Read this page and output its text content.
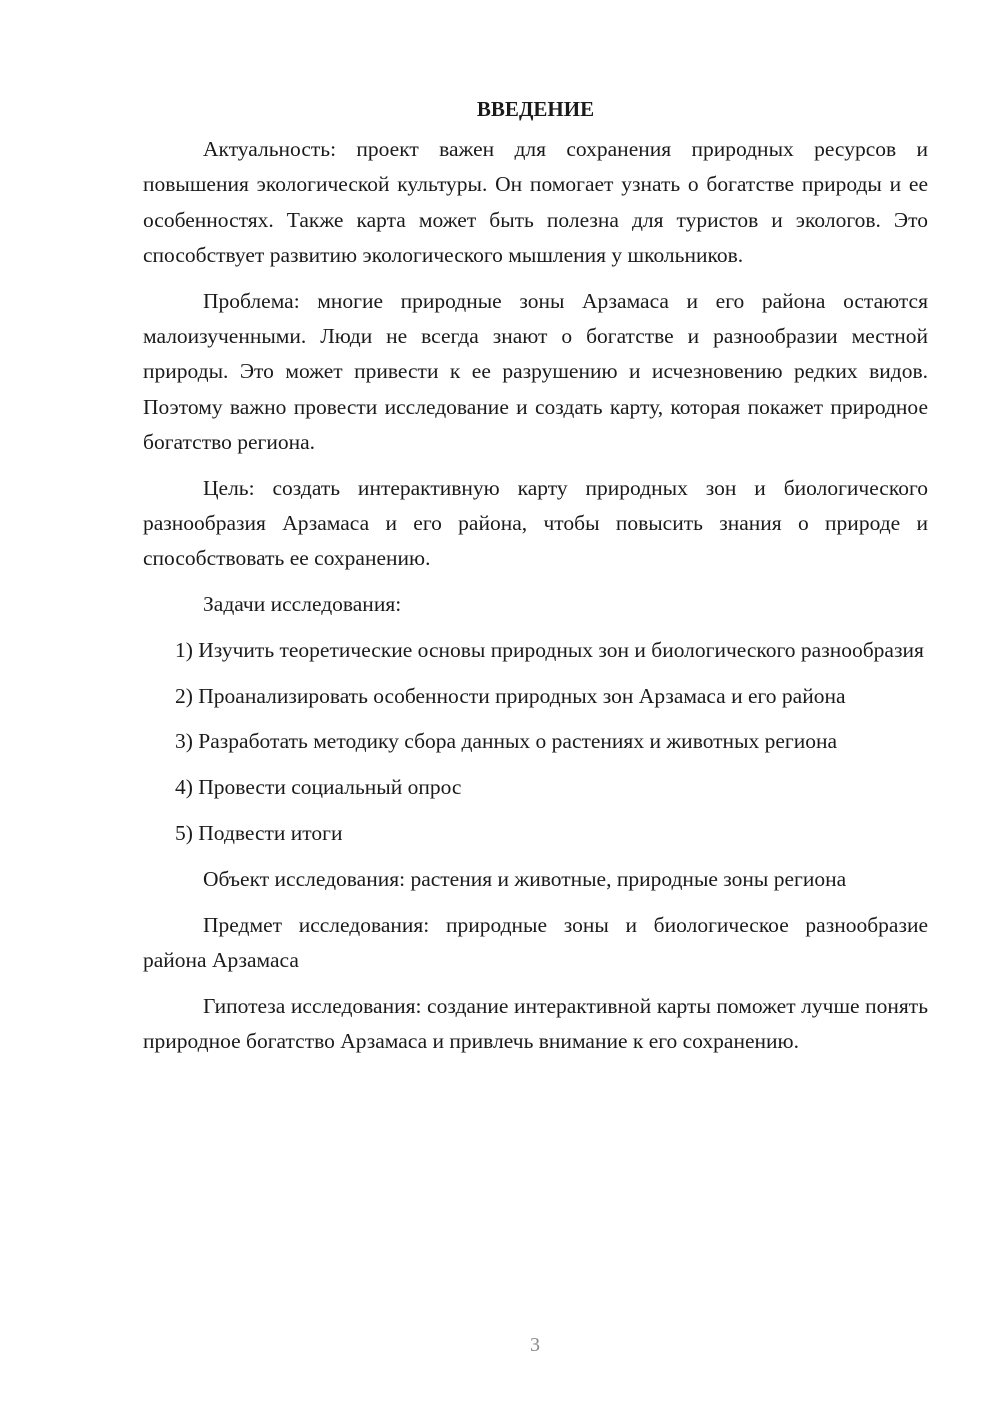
ВВЕДЕНИЕ

Актуальность: проект важен для сохранения природных ресурсов и повышения экологической культуры. Он помогает узнать о богатстве природы и ее особенностях. Также карта может быть полезна для туристов и экологов. Это способствует развитию экологического мышления у школьников.

Проблема: многие природные зоны Арзамаса и его района остаются малоизученными. Люди не всегда знают о богатстве и разнообразии местной природы. Это может привести к ее разрушению и исчезновению редких видов. Поэтому важно провести исследование и создать карту, которая покажет природное богатство региона.

Цель: создать интерактивную карту природных зон и биологического разнообразия Арзамаса и его района, чтобы повысить знания о природе и способствовать ее сохранению.

Задачи исследования:

1) Изучить теоретические основы природных зон и биологического разнообразия

2) Проанализировать особенности природных зон Арзамаса и его района

3) Разработать методику сбора данных о растениях и животных региона

4) Провести социальный опрос

5) Подвести итоги

Объект исследования: растения и животные, природные зоны региона

Предмет исследования: природные зоны и биологическое разнообразие района Арзамаса

Гипотеза исследования: создание интерактивной карты поможет лучше понять природное богатство Арзамаса и привлечь внимание к его сохранению.

3
